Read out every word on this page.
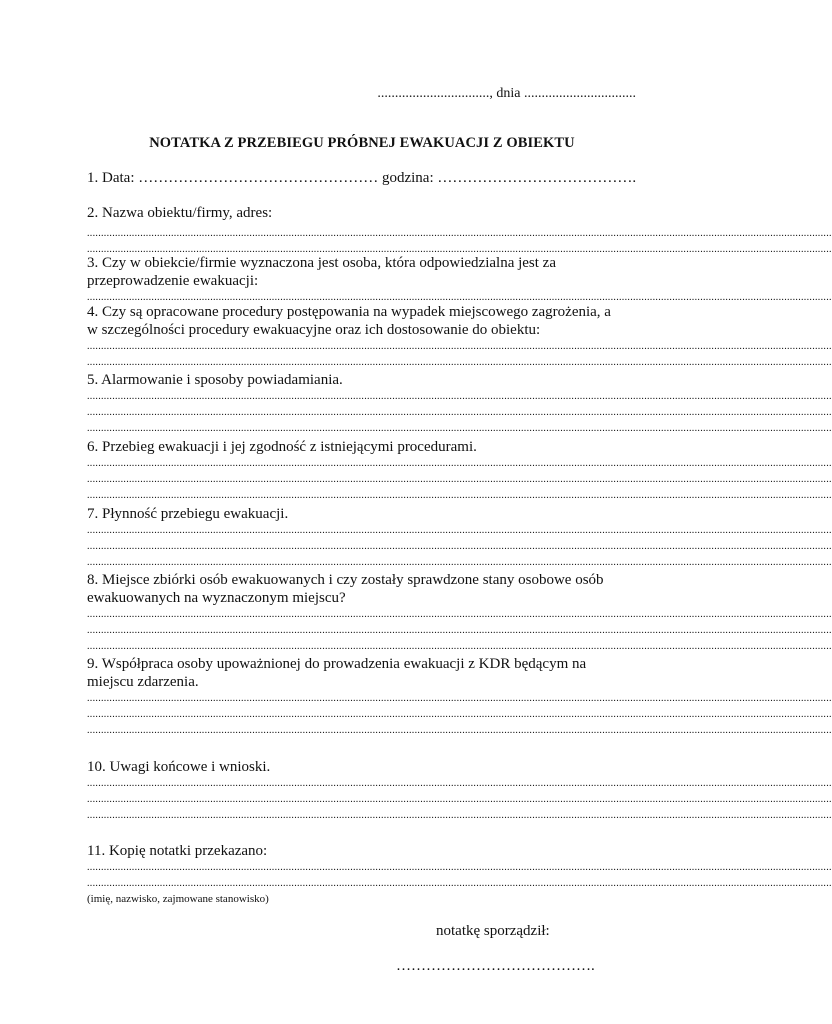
................................, dnia ................................
NOTATKA Z PRZEBIEGU PRÓBNEJ EWAKUACJI Z OBIEKTU
1. Data: ………………………………………… godzina: ………………………………….
2. Nazwa obiektu/firmy, adres:
..........................................................................................................................................................................................................................................................................
..........................................................................................................................................................................................................................................................................
3. Czy w obiekcie/firmie wyznaczona jest osoba, która odpowiedzialna jest za przeprowadzenie ewakuacji:
..........................................................................................................................................................................................................................................................................
4. Czy są opracowane procedury postępowania na wypadek miejscowego zagrożenia, a w szczególności procedury ewakuacyjne oraz ich dostosowanie do obiektu:
..........................................................................................................................................................................................................................................................................
..........................................................................................................................................................................................................................................................................
5. Alarmowanie i sposoby powiadamiania.
..........................................................................................................................................................................................................................................................................
..........................................................................................................................................................................................................................................................................
..........................................................................................................................................................................................................................................................................
6. Przebieg ewakuacji i jej zgodność z istniejącymi procedurami.
..........................................................................................................................................................................................................................................................................
..........................................................................................................................................................................................................................................................................
..........................................................................................................................................................................................................................................................................
7. Płynność przebiegu ewakuacji.
..........................................................................................................................................................................................................................................................................
..........................................................................................................................................................................................................................................................................
..........................................................................................................................................................................................................................................................................
8. Miejsce zbiórki osób ewakuowanych i czy zostały sprawdzone stany osobowe osób ewakuowanych na wyznaczonym miejscu?
..........................................................................................................................................................................................................................................................................
..........................................................................................................................................................................................................................................................................
..........................................................................................................................................................................................................................................................................
9. Współpraca osoby upoważnionej do prowadzenia ewakuacji z KDR będącym na miejscu zdarzenia.
..........................................................................................................................................................................................................................................................................
..........................................................................................................................................................................................................................................................................
..........................................................................................................................................................................................................................................................................
10. Uwagi końcowe i wnioski.
..........................................................................................................................................................................................................................................................................
..........................................................................................................................................................................................................................................................................
..........................................................................................................................................................................................................................................................................
11. Kopię notatki przekazano:
..........................................................................................................................................................................................................................................................................
..........................................................................................................................................................................................................................................................................
(imię, nazwisko, zajmowane stanowisko)
notatkę sporządził:
………………………………….
